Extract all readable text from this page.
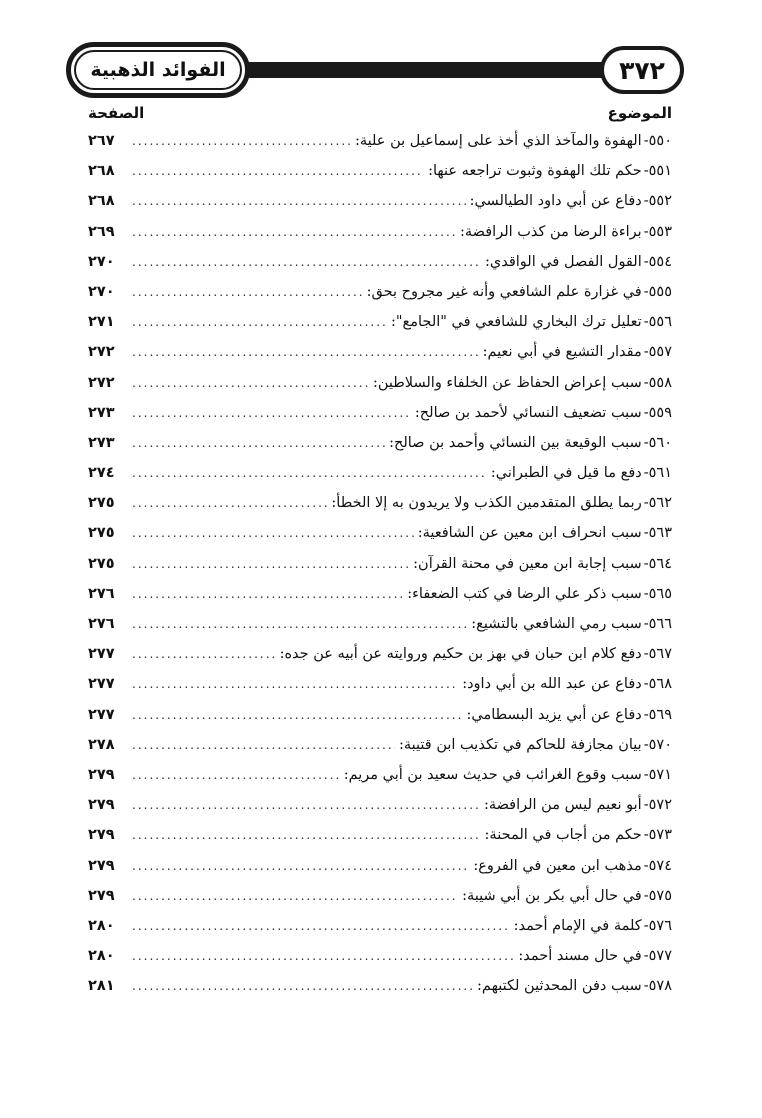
الفوائد الذهبية	٣٧٢
الموضوع
الصفحة
٥٥٠-
الهفوة والمآخذ الذي أخذ على إسماعيل بن علية:
.....
٢٦٧
٥٥١-
حكم تلك الهفوة وثبوت تراجعه عنها:
.....
٢٦٨
٥٥٢-
دفاع عن أبي داود الطيالسي:
.....
٢٦٨
٥٥٣-
براءة الرضا من كذب الرافضة:
.....
٢٦٩
٥٥٤-
القول الفصل في الواقدي:
.....
٢٧٠
٥٥٥-
في غزارة علم الشافعي وأنه غير مجروح بحق:
.....
٢٧٠
٥٥٦-
تعليل ترك البخاري للشافعي في "الجامع":
.....
٢٧١
٥٥٧-
مقدار التشيع في أبي نعيم:
.....
٢٧٢
٥٥٨-
سبب إعراض الحفاظ عن الخلفاء والسلاطين:
.....
٢٧٢
٥٥٩-
سبب تضعيف النسائي لأحمد بن صالح:
.....
٢٧٣
٥٦٠-
سبب الوقيعة بين النسائي وأحمد بن صالح:
.....
٢٧٣
٥٦١-
دفع ما قيل في الطبراني:
.....
٢٧٤
٥٦٢-
ربما يطلق المتقدمين الكذب ولا يريدون به إلا الخطأ:
.....
٢٧٥
٥٦٣-
سبب انحراف ابن معين عن الشافعية:
.....
٢٧٥
٥٦٤-
سبب إجابة ابن معين في محنة القرآن:
.....
٢٧٥
٥٦٥-
سبب ذكر علي الرضا في كتب الضعفاء:
.....
٢٧٦
٥٦٦-
سبب رمي الشافعي بالتشيع:
.....
٢٧٦
٥٦٧-
دفع كلام ابن حبان في بهز بن حكيم وروايته عن أبيه عن جده:
.....
٢٧٧
٥٦٨-
دفاع عن عبد الله بن أبي داود:
.....
٢٧٧
٥٦٩-
دفاع عن أبي يزيد البسطامي:
.....
٢٧٧
٥٧٠-
بيان مجازفة للحاكم في تكذيب ابن قتيبة:
.....
٢٧٨
٥٧١-
سبب وقوع الغرائب في حديث سعيد بن أبي مريم:
.....
٢٧٩
٥٧٢-
أبو نعيم ليس من الرافضة:
.....
٢٧٩
٥٧٣-
حكم من أجاب في المحنة:
.....
٢٧٩
٥٧٤-
مذهب ابن معين في الفروع:
.....
٢٧٩
٥٧٥-
في حال أبي بكر بن أبي شيبة:
.....
٢٧٩
٥٧٦-
كلمة في الإمام أحمد:
.....
٢٨٠
٥٧٧-
في حال مسند أحمد:
.....
٢٨٠
٥٧٨-
سبب دفن المحدثين لكتبهم:
.....
٢٨١
